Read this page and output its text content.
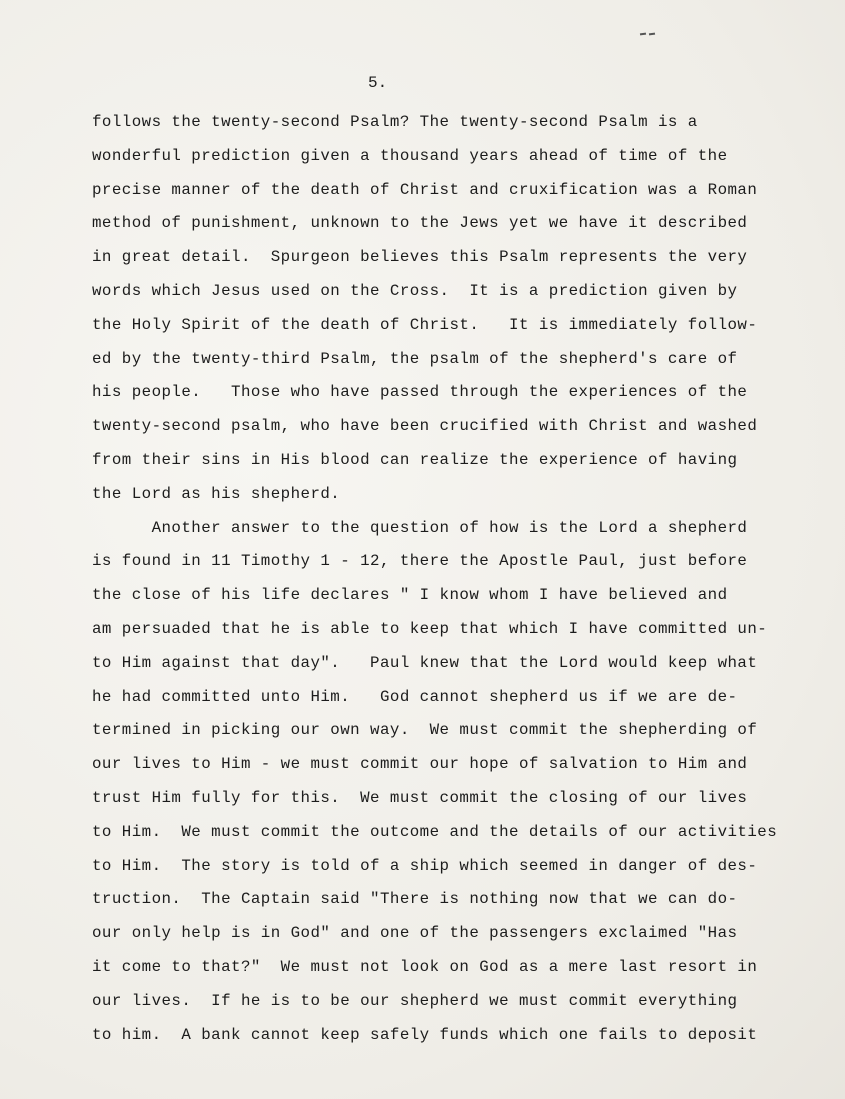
5.
follows the twenty-second Psalm? The twenty-second Psalm is a
wonderful prediction given a thousand years ahead of time of the
precise manner of the death of Christ and cruxification was a Roman
method of punishment, unknown to the Jews yet we have it described
in great detail.  Spurgeon believes this Psalm represents the very
words which Jesus used on the Cross.  It is a prediction given by
the Holy Spirit of the death of Christ.   It is immediately follow-
ed by the twenty-third Psalm, the psalm of the shepherd's care of
his people.   Those who have passed through the experiences of the
twenty-second psalm, who have been crucified with Christ and washed
from their sins in His blood can realize the experience of having
the Lord as his shepherd.
Another answer to the question of how is the Lord a shepherd
is found in 11 Timothy 1 - 12, there the Apostle Paul, just before
the close of his life declares " I know whom I have believed and
am persuaded that he is able to keep that which I have committed un-
to Him against that day".   Paul knew that the Lord would keep what
he had committed unto Him.   God cannot shepherd us if we are de-
termined in picking our own way.  We must commit the shepherding of
our lives to Him - we must commit our hope of salvation to Him and
trust Him fully for this.  We must commit the closing of our lives
to Him.  We must commit the outcome and the details of our activities
to Him.  The story is told of a ship which seemed in danger of des-
truction.  The Captain said "There is nothing now that we can do-
our only help is in God" and one of the passengers exclaimed "Has
it come to that?"  We must not look on God as a mere last resort in
our lives.  If he is to be our shepherd we must commit everything
to him.  A bank cannot keep safely funds which one fails to deposit
